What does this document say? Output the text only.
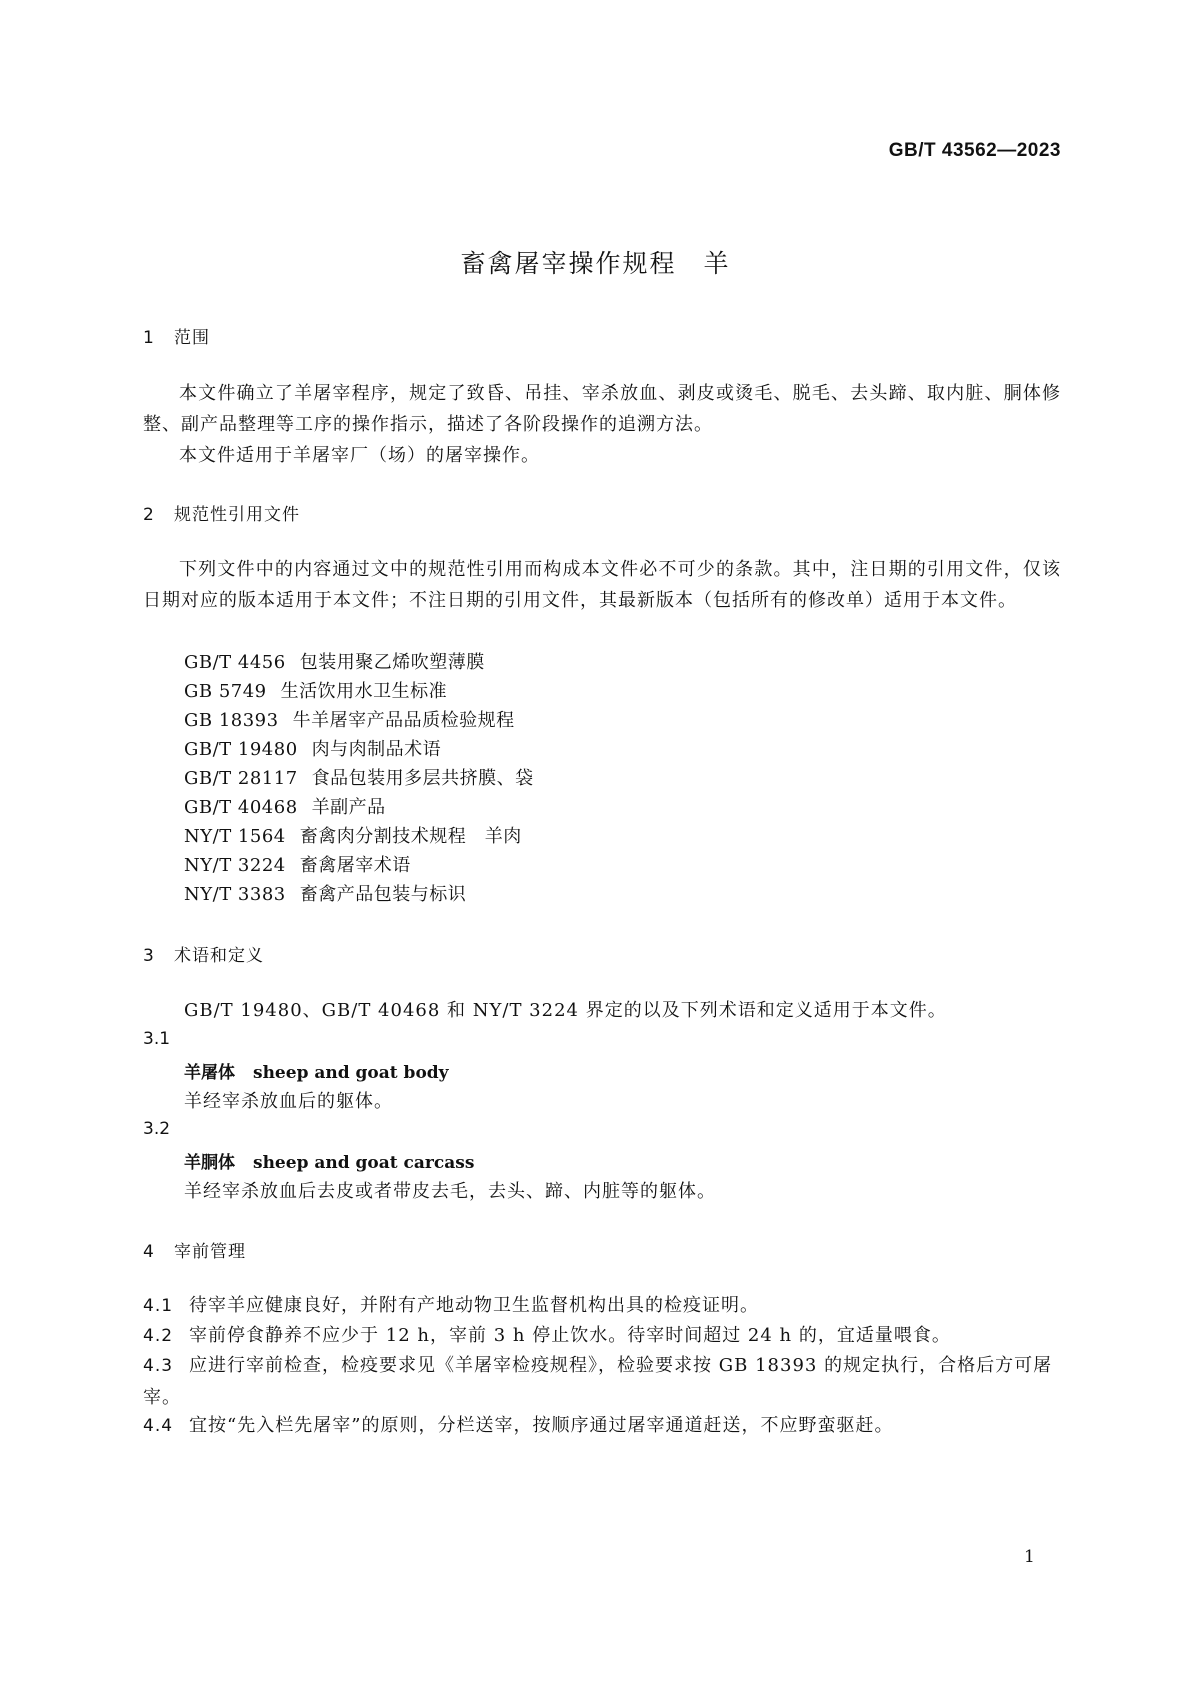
GB/T 43562—2023
畜禽屠宰操作规程　羊
1 范围

本文件确立了羊屠宰程序，规定了致昏、吊挂、宰杀放血、剥皮或烫毛、脱毛、去头蹄、取内脏、胴体修整、副产品整理等工序的操作指示，描述了各阶段操作的追溯方法。

本文件适用于羊屠宰厂（场）的屠宰操作。

2 规范性引用文件

下列文件中的内容通过文中的规范性引用而构成本文件必不可少的条款。其中，注日期的引用文件，仅该日期对应的版本适用于本文件；不注日期的引用文件，其最新版本（包括所有的修改单）适用于本文件。

GB/T 4456 包装用聚乙烯吹塑薄膜
GB 5749 生活饮用水卫生标准
GB 18393 牛羊屠宰产品品质检验规程
GB/T 19480 肉与肉制品术语
GB/T 28117 食品包装用多层共挤膜、袋
GB/T 40468 羊副产品
NY/T 1564 畜禽肉分割技术规程　羊肉
NY/T 3224 畜禽屠宰术语
NY/T 3383 畜禽产品包装与标识
3 术语和定义
GB/T 19480、GB/T 40468 和 NY/T 3224 界定的以及下列术语和定义适用于本文件。
3.1
羊屠体 sheep and goat body
羊经宰杀放血后的躯体。
3.2
羊胴体 sheep and goat carcass
羊经宰杀放血后去皮或者带皮去毛，去头、蹄、内脏等的躯体。
4 宰前管理
4.1 待宰羊应健康良好，并附有产地动物卫生监督机构出具的检疫证明。
4.2 宰前停食静养不应少于 12 h，宰前 3 h 停止饮水。待宰时间超过 24 h 的，宜适量喂食。
4.3 应进行宰前检查，检疫要求见《羊屠宰检疫规程》，检验要求按 GB 18393 的规定执行，合格后方可屠宰。
4.4 宜按“先入栏先屠宰”的原则，分栏送宰，按顺序通过屠宰通道赶送，不应野蛮驱赶。
1
